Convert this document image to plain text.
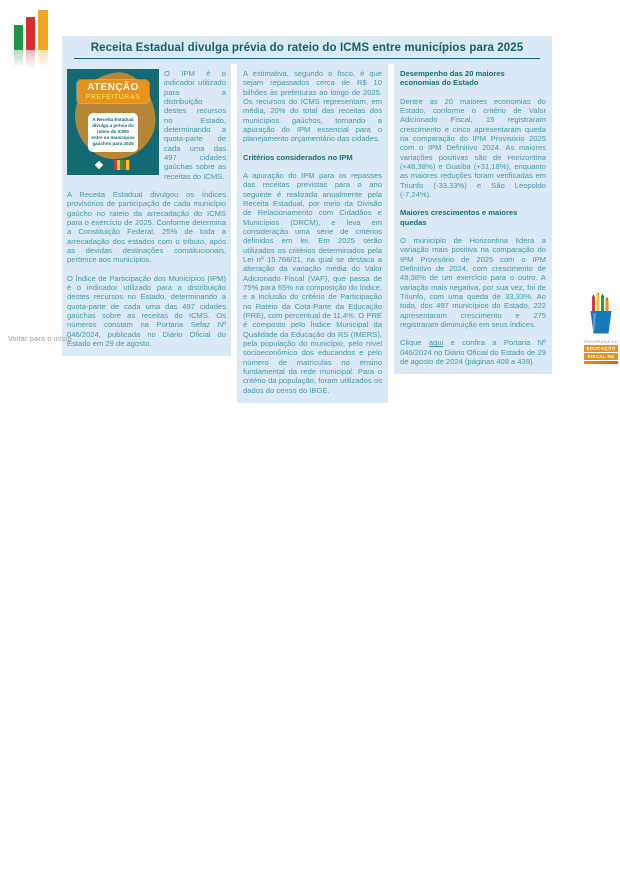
Receita Estadual divulga prévia do rateio do ICMS entre municípios para 2025
ATENÇÃO
PREFEITURAS
A Receita Estadual divulga a prévia do rateio do ICMS entre os municípios gaúchos para 2025

O IPM é o indicador utilizado para a distribuição destes recursos no Estado, determinando a quota-parte de cada uma das 497 cidades gaúchas sobre as receitas do ICMS.

A Receita Estadual divulgou os índices provisórios de participação de cada município gaúcho no rateio da arrecadação do ICMS para o exercício de 2025. Conforme determina a Constituição Federal, 25% de toda a arrecadação dos estados com o tributo, após as devidas destinações constitucionais, pertence aos municípios.

O Índice de Participação dos Municípios (IPM) é o indicador utilizado para a distribuição destes recursos no Estado, determinando a quota-parte de cada uma das 497 cidades gaúchas sobre as receitas do ICMS. Os números constam na Portaria Sefaz Nº 046/2024, publicada no Diário Oficial do Estado em 29 de agosto.

A estimativa, segundo o fisco, é que sejam repassados cerca de R$ 10 bilhões às prefeituras ao longo de 2025. Os recursos do ICMS representam, em média, 20% do total das receitas dos municípios gaúchos, tornando a apuração do IPM essencial para o planejamento orçamentário das cidades.

Critérios considerados no IPM

A apuração do IPM para os repasses das receitas previstas para o ano seguinte é realizada anualmente pela Receita Estadual, por meio da Divisão de Relacionamento com Cidadãos e Municípios (DRCM), e leva em consideração uma série de critérios definidos em lei. Em 2025 serão utilizados os critérios determinados pela Lei nº 15.766/21, na qual se destaca a alteração da variação média do Valor Adicionado Fiscal (VAF), que passa de 75% para 65% na composição do índice, e a inclusão do critério de Participação no Rateio da Cota-Parte da Educação (PRE), com percentual de 11,4%. O PRE é composto pelo Índice Municipal da Qualidade da Educação do RS (IMERS), pela população do município, pelo nível socioeconômico dos educandos e pelo número de matrículas no ensino fundamental da rede municipal. Para o critério da população, foram utilizados os dados do censo do IBGE.

Desempenho das 20 maiores economias do Estado

Dentre as 20 maiores economias do Estado, conforme o critério de Valor Adicionado Fiscal, 15 registraram crescimento e cinco apresentaram queda na comparação do IPM Provisório 2025 com o IPM Definitivo 2024. As maiores variações positivas são de Horizontina (+48,38%) e Guaíba (+31,18%), enquanto as maiores reduções foram verificadas em Triunfo (-33,33%) e São Leopoldo (-7,24%).

Maiores crescimentos e maiores quedas

O município de Horizontina lidera a variação mais positiva na comparação do IPM Provisório de 2025 com o IPM Definitivo de 2024, com crescimento de 48,38% de um exercício para o outro. A variação mais negativa, por sua vez, foi de Triunfo, com uma queda de 33,33%. Ao todo, dos 497 municípios do Estado, 222 apresentaram crescimento e 275 registraram diminuição em seus índices.

Clique aqui e confira a Portaria Nº 046/2024 no Diário Oficial do Estado de 29 de agosto de 2024 (páginas 408 a 439).

Voltar para o início	PROGRAMA DE
EDUCAÇÃO
FISCAL RS
